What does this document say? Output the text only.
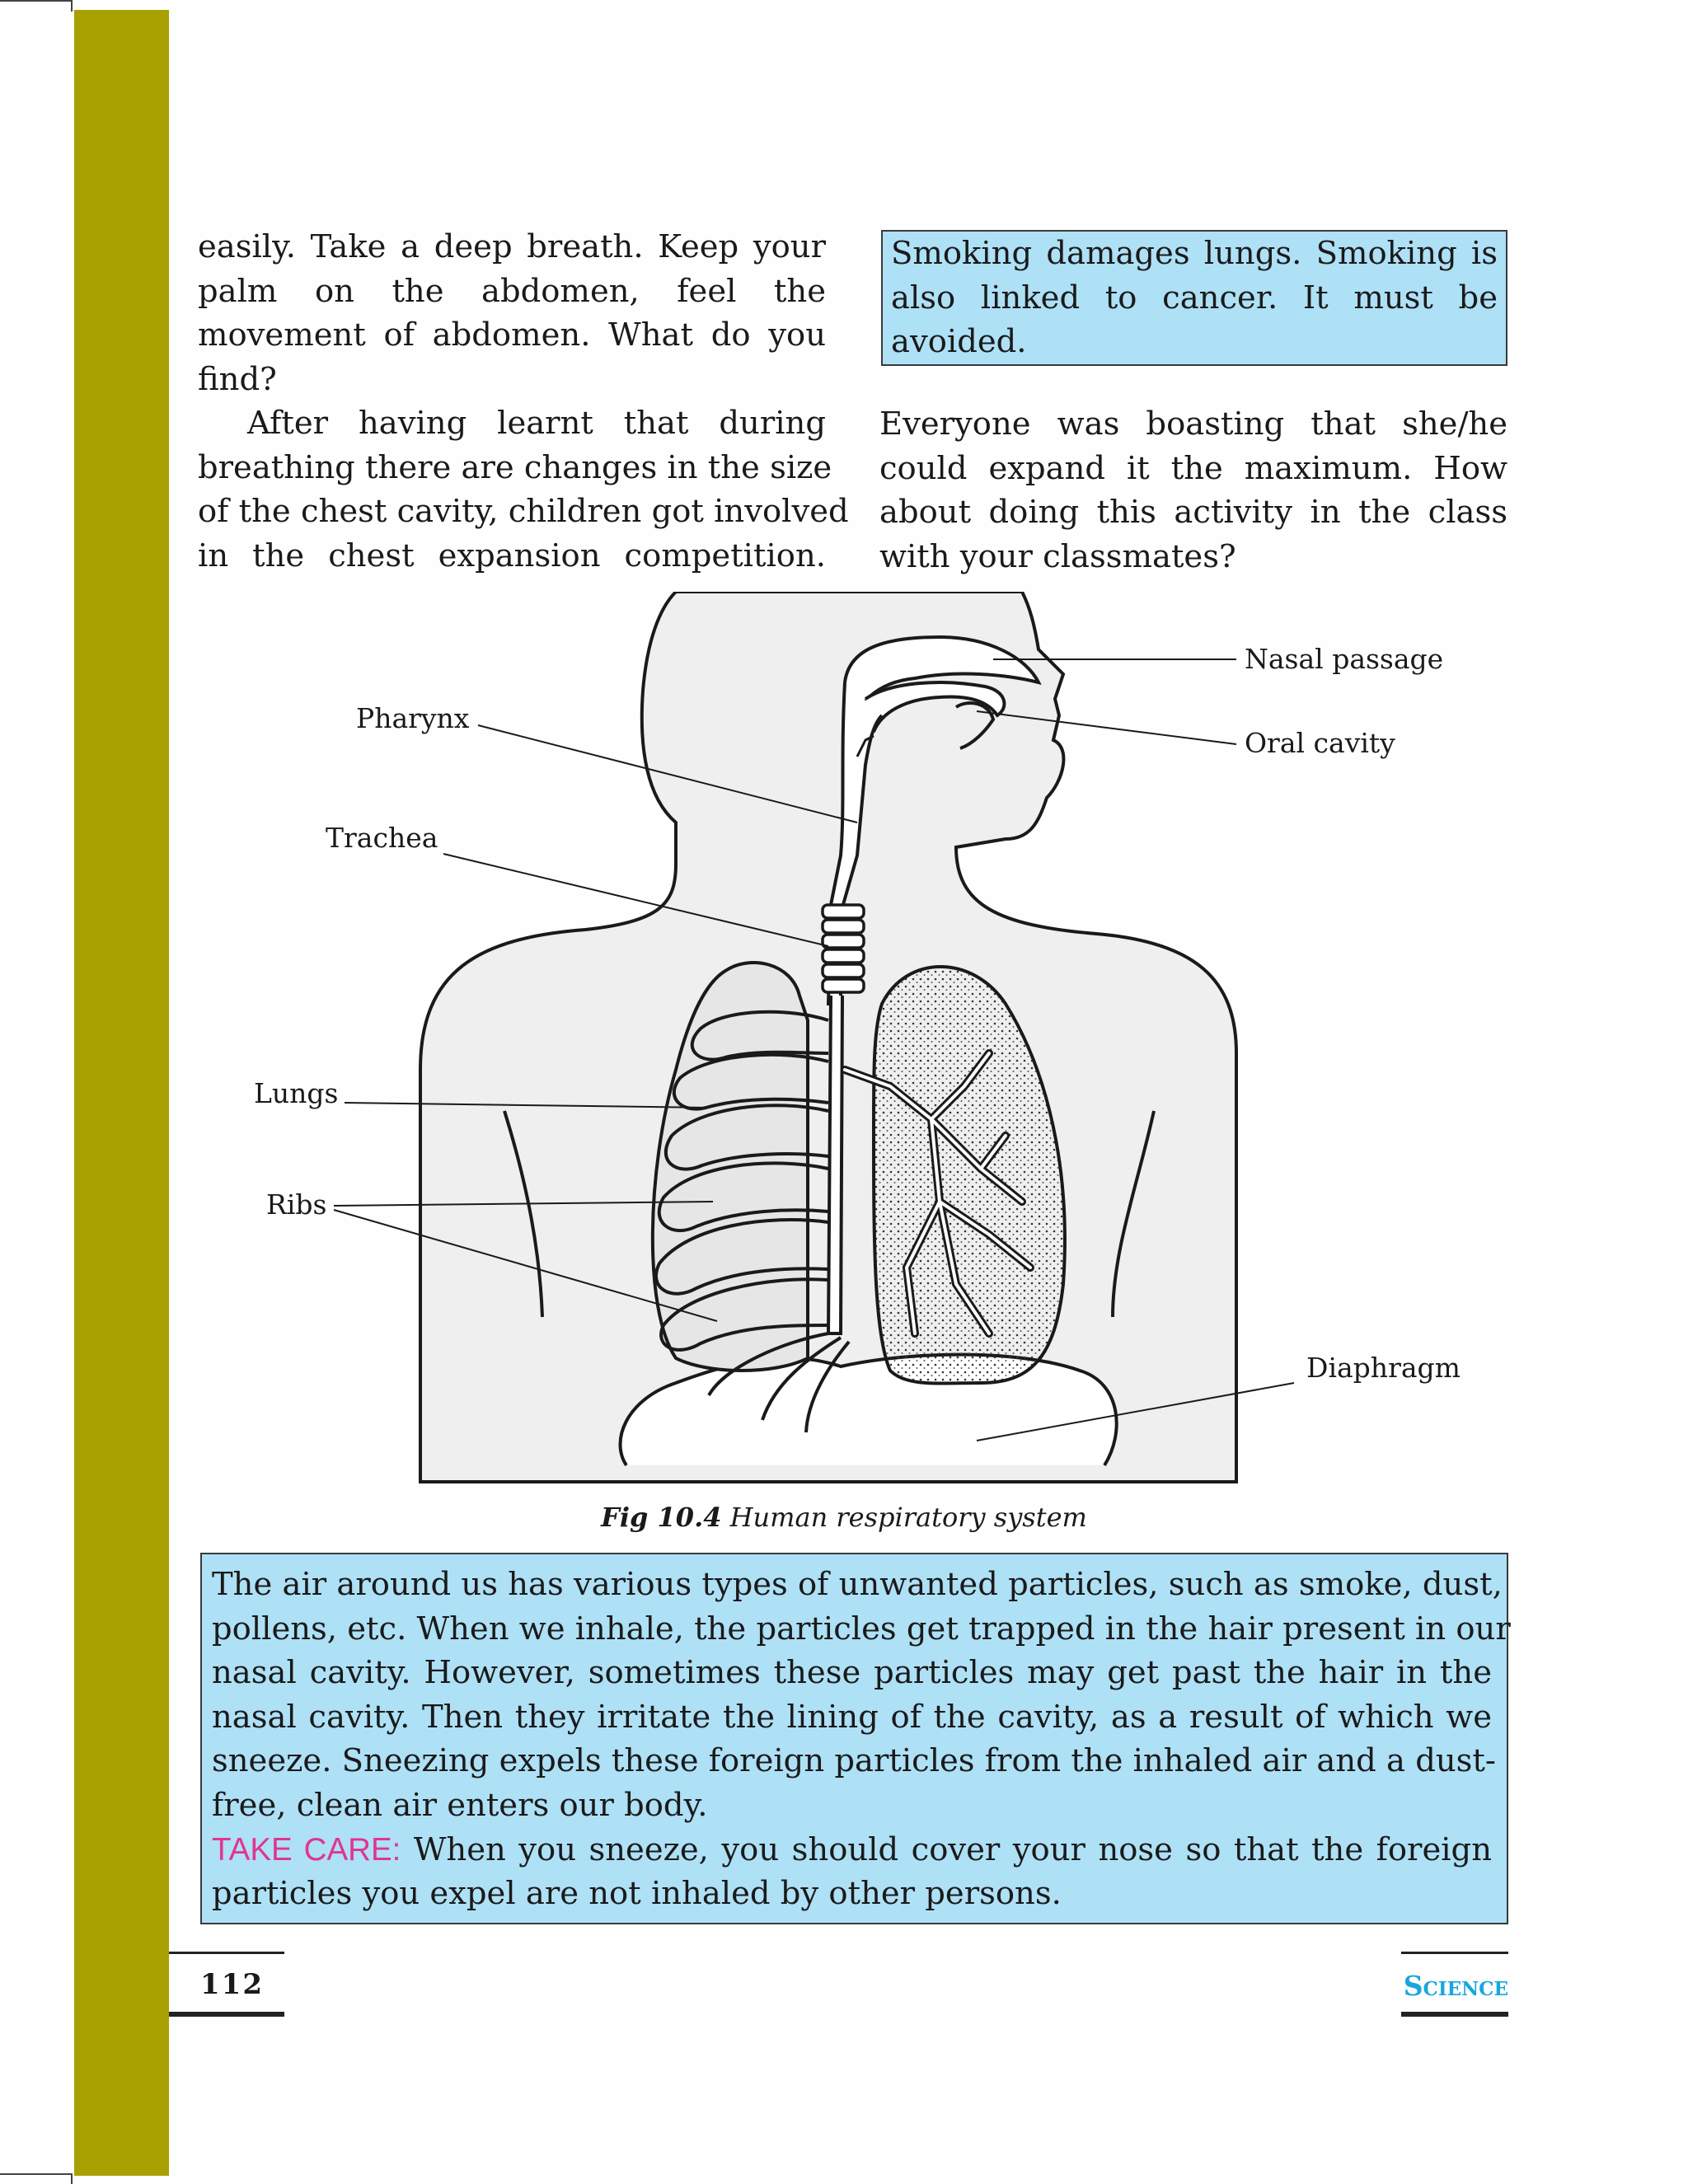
easily. Take a deep breath. Keep your
palm on the abdomen, feel the
movement of abdomen. What do you
find?

After having learnt that during
breathing there are changes in the size
of the chest cavity, children got involved
in the chest expansion competition.

Smoking damages lungs. Smoking is
also linked to cancer. It must be
avoided.

Everyone was boasting that she/he
could expand it the maximum. How
about doing this activity in the class
with your classmates?

Nasal passage
Oral cavity
Pharynx
Trachea
Lungs
Ribs
Diaphragm
Fig 10.4 Human respiratory system
The air around us has various types of unwanted particles, such as smoke, dust,
pollens, etc. When we inhale, the particles get trapped in the hair present in our
nasal cavity. However, sometimes these particles may get past the hair in the
nasal cavity. Then they irritate the lining of the cavity, as a result of which we
sneeze. Sneezing expels these foreign particles from the inhaled air and a dust-
free, clean air enters our body.
TAKE CARE: When you sneeze, you should cover your nose so that the foreign
particles you expel are not inhaled by other persons.
112	Science
